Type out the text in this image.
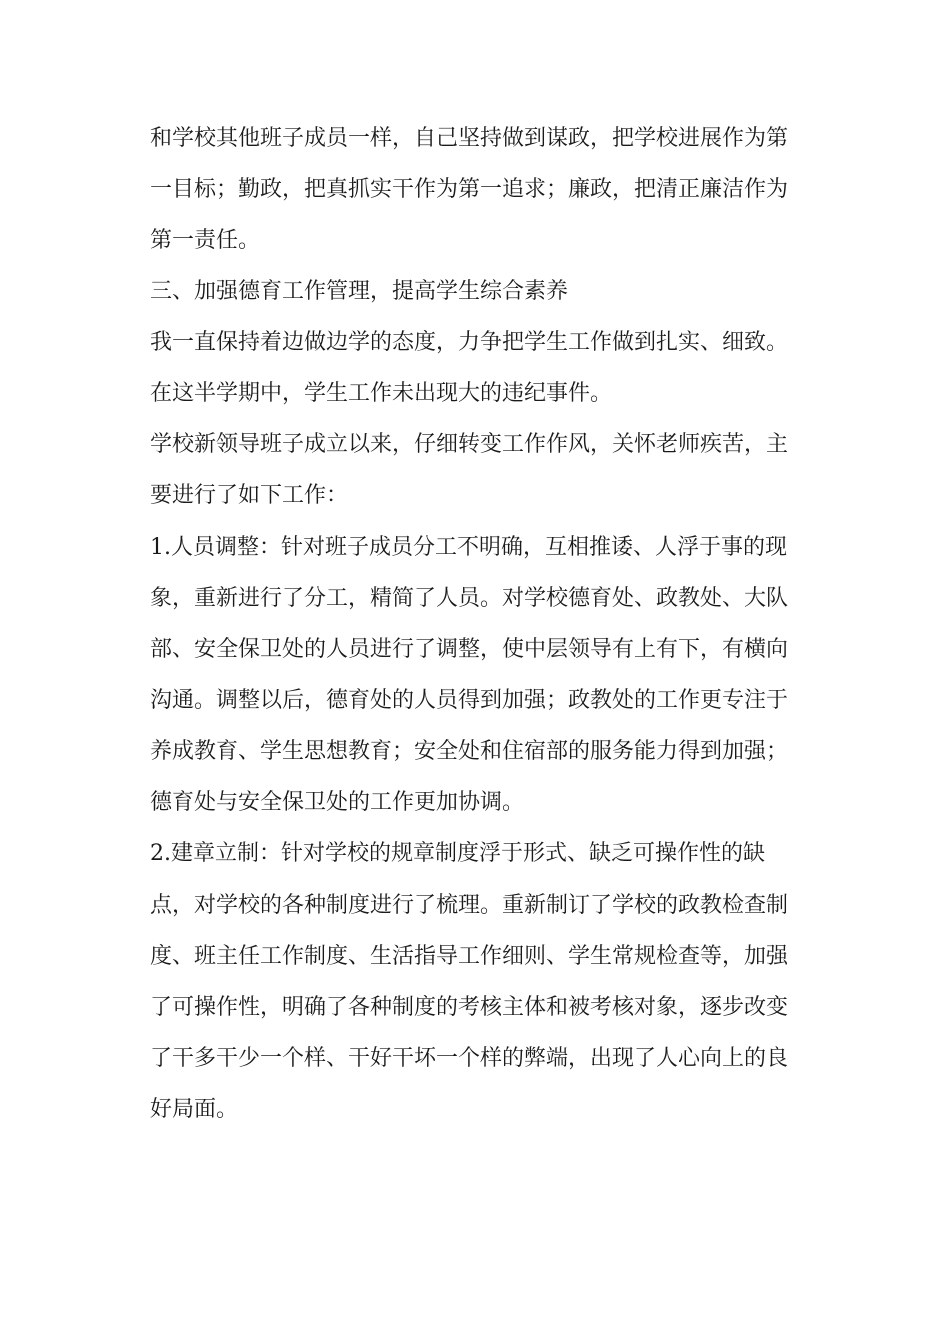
和学校其他班子成员一样，自己坚持做到谋政，把学校进展作为第
一目标；勤政，把真抓实干作为第一追求；廉政，把清正廉洁作为
第一责任。
三、加强德育工作管理，提高学生综合素养
我一直保持着边做边学的态度，力争把学生工作做到扎实、细致。
在这半学期中，学生工作未出现大的违纪事件。
学校新领导班子成立以来，仔细转变工作作风，关怀老师疾苦，主
要进行了如下工作：
1.人员调整：针对班子成员分工不明确，互相推诿、人浮于事的现
象，重新进行了分工，精简了人员。对学校德育处、政教处、大队
部、安全保卫处的人员进行了调整，使中层领导有上有下，有横向
沟通。调整以后，德育处的人员得到加强；政教处的工作更专注于
养成教育、学生思想教育；安全处和住宿部的服务能力得到加强；
德育处与安全保卫处的工作更加协调。
2.建章立制：针对学校的规章制度浮于形式、缺乏可操作性的缺
点，对学校的各种制度进行了梳理。重新制订了学校的政教检查制
度、班主任工作制度、生活指导工作细则、学生常规检查等，加强
了可操作性，明确了各种制度的考核主体和被考核对象，逐步改变
了干多干少一个样、干好干坏一个样的弊端，出现了人心向上的良
好局面。
